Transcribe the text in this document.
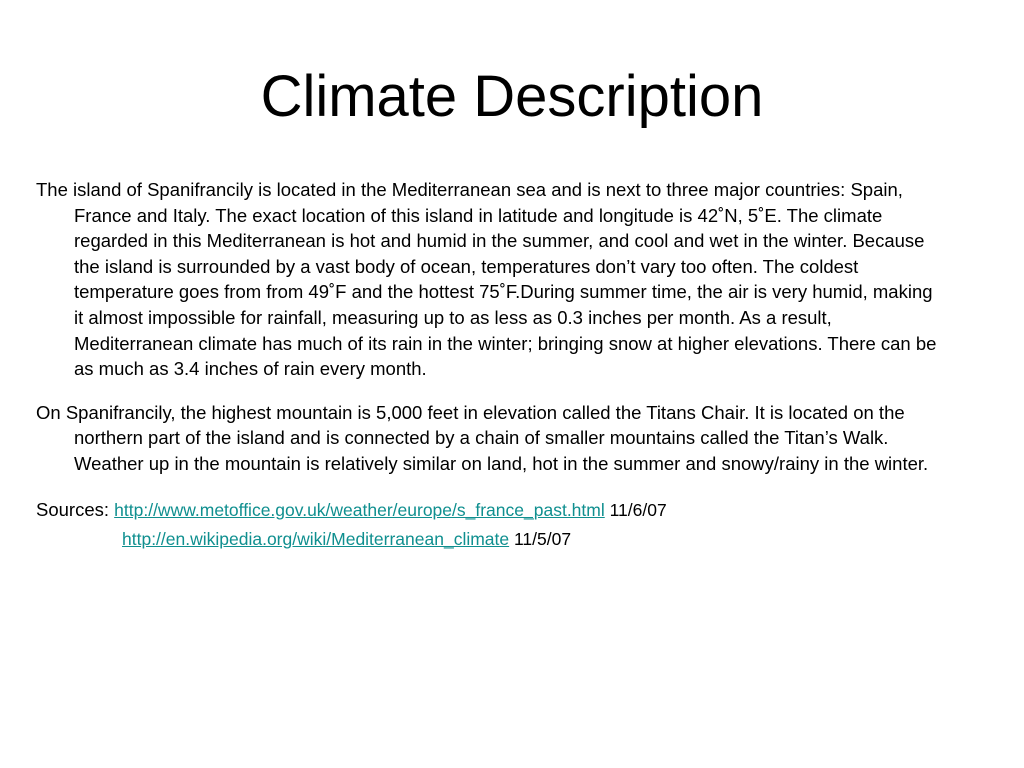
Climate Description

The island of Spanifrancily is located in the Mediterranean sea and is next to three major countries: Spain, France and Italy. The exact location of this island in latitude and longitude is 42˚N, 5˚E. The climate regarded in this Mediterranean is hot and humid in the summer, and cool and wet in the winter. Because the island is surrounded by a vast body of ocean, temperatures don’t vary too often. The coldest temperature goes from from 49˚F and the hottest 75˚F.During summer time, the air is very humid, making it almost impossible for rainfall, measuring up to as less as 0.3 inches per month. As a result, Mediterranean climate has much of its rain in the winter; bringing snow at higher elevations. There can be as much as 3.4 inches of rain every month.

On Spanifrancily, the highest mountain is 5,000 feet in elevation called the Titans Chair. It is located on the northern part of the island and is connected by a chain of smaller mountains called the Titan’s Walk. Weather up in the mountain is relatively similar on land, hot in the summer and snowy/rainy in the winter.

Sources: http://www.metoffice.gov.uk/weather/europe/s_france_past.html 11/6/07
http://en.wikipedia.org/wiki/Mediterranean_climate 11/5/07
